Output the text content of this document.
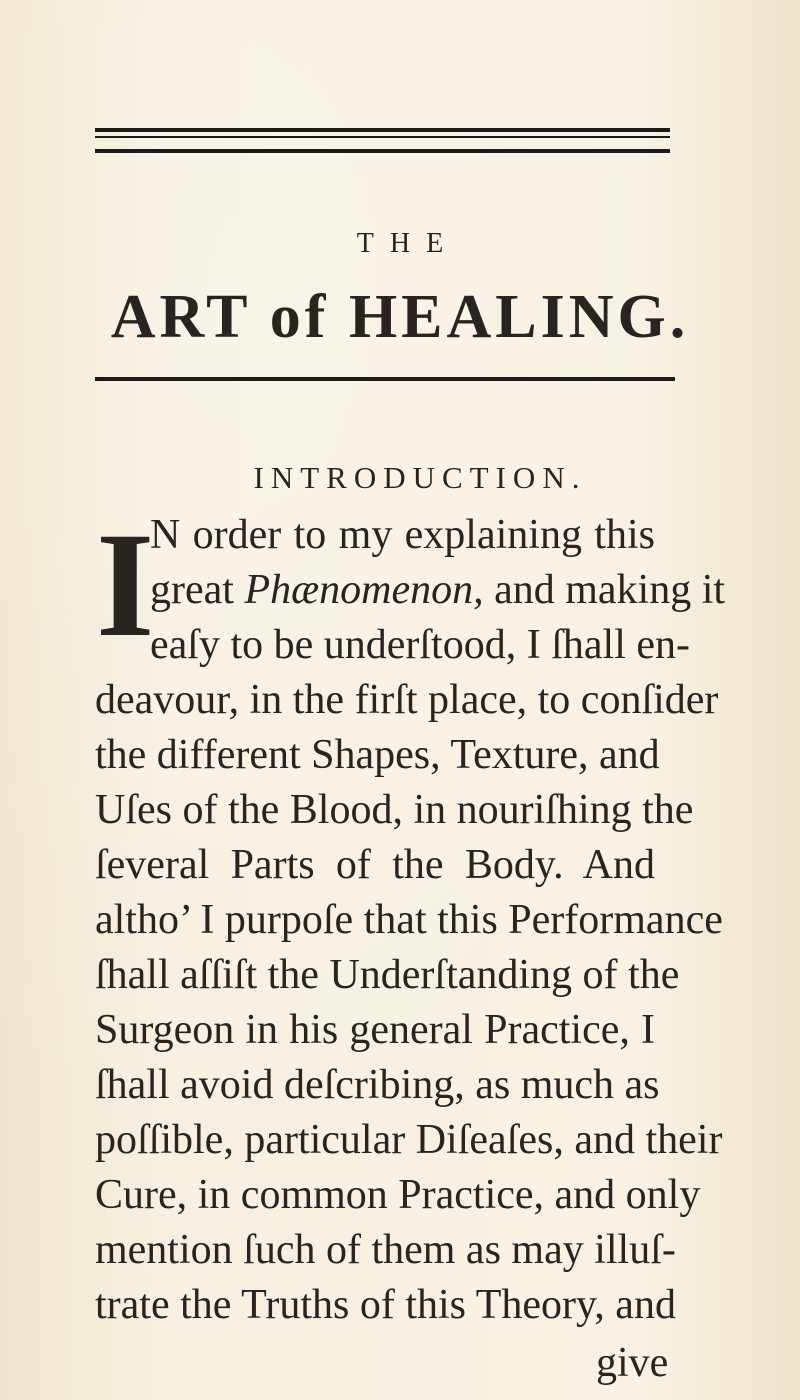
THE
ART of HEALING.
INTRODUCTION.
I
N order to my explaining this
great Phænomenon, and making it
eaſy to be underſtood, I ſhall en-
deavour, in the firſt place, to conſider
the different Shapes, Texture, and
Uſes of the Blood, in nouriſhing the
ſeveral Parts of the Body. And
altho’ I purpoſe that this Performance
ſhall aſſiſt the Underſtanding of the
Surgeon in his general Practice, I
ſhall avoid deſcribing, as much as
poſſible, particular Diſeaſes, and their
Cure, in common Practice, and only
mention ſuch of them as may illuſ-
trate the Truths of this Theory, and
give
